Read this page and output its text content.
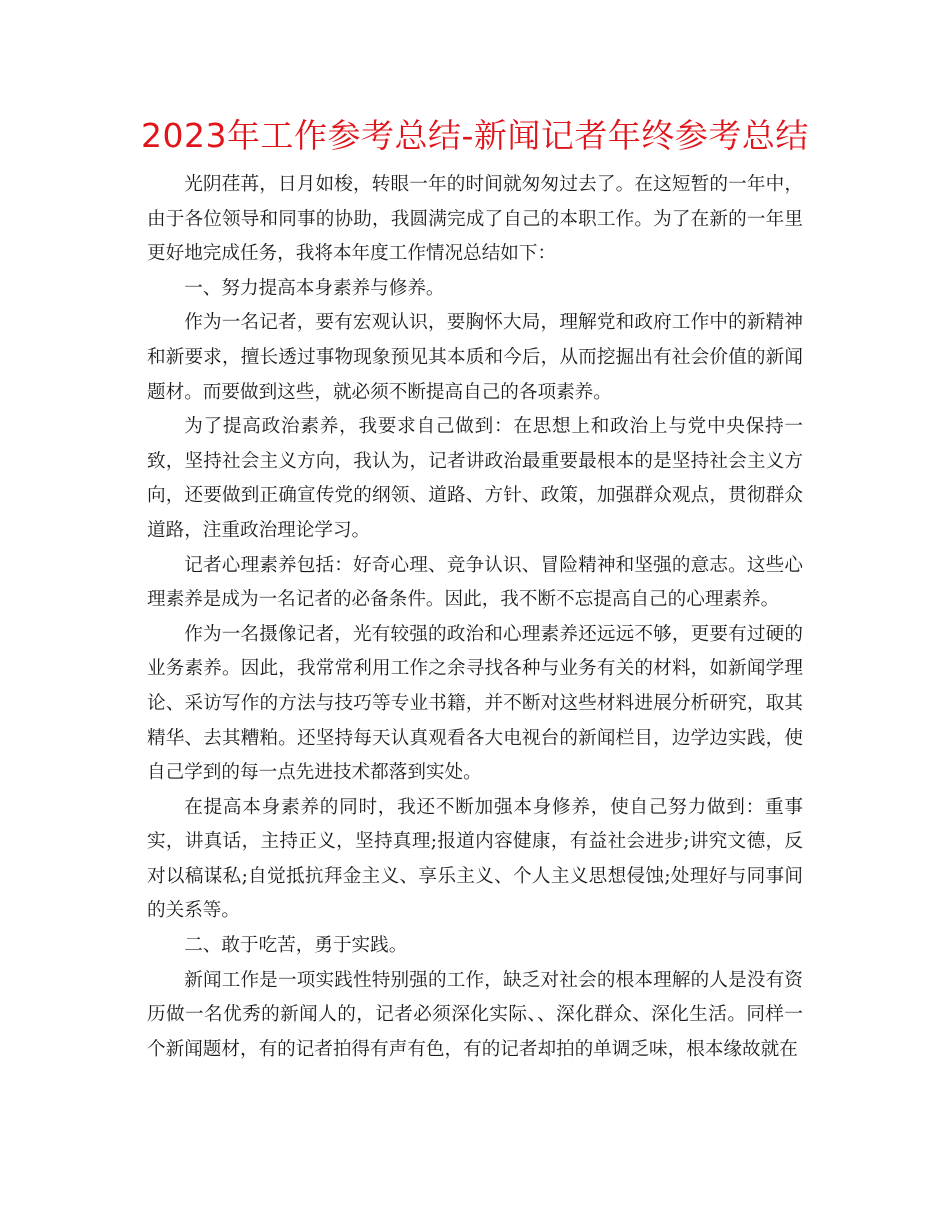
2023年工作参考总结-新闻记者年终参考总结

光阴荏苒，日月如梭，转眼一年的时间就匆匆过去了。在这短暂的一年中，由于各位领导和同事的协助，我圆满完成了自己的本职工作。为了在新的一年里更好地完成任务，我将本年度工作情况总结如下：

一、努力提高本身素养与修养。

作为一名记者，要有宏观认识，要胸怀大局，理解党和政府工作中的新精神和新要求，擅长透过事物现象预见其本质和今后，从而挖掘出有社会价值的新闻题材。而要做到这些，就必须不断提高自己的各项素养。

为了提高政治素养，我要求自己做到：在思想上和政治上与党中央保持一致，坚持社会主义方向，我认为，记者讲政治最重要最根本的是坚持社会主义方向，还要做到正确宣传党的纲领、道路、方针、政策，加强群众观点，贯彻群众道路，注重政治理论学习。

记者心理素养包括：好奇心理、竞争认识、冒险精神和坚强的意志。这些心理素养是成为一名记者的必备条件。因此，我不断不忘提高自己的心理素养。

作为一名摄像记者，光有较强的政治和心理素养还远远不够，更要有过硬的业务素养。因此，我常常利用工作之余寻找各种与业务有关的材料，如新闻学理论、采访写作的方法与技巧等专业书籍，并不断对这些材料进展分析研究，取其精华、去其糟粕。还坚持每天认真观看各大电视台的新闻栏目，边学边实践，使自己学到的每一点先进技术都落到实处。

在提高本身素养的同时，我还不断加强本身修养，使自己努力做到：重事实，讲真话，主持正义，坚持真理;报道内容健康，有益社会进步;讲究文德，反对以稿谋私;自觉抵抗拜金主义、享乐主义、个人主义思想侵蚀;处理好与同事间的关系等。

二、敢于吃苦，勇于实践。

新闻工作是一项实践性特别强的工作，缺乏对社会的根本理解的人是没有资历做一名优秀的新闻人的，记者必须深化实际、、深化群众、深化生活。同样一个新闻题材，有的记者拍得有声有色，有的记者却拍的单调乏味，根本缘故就在
